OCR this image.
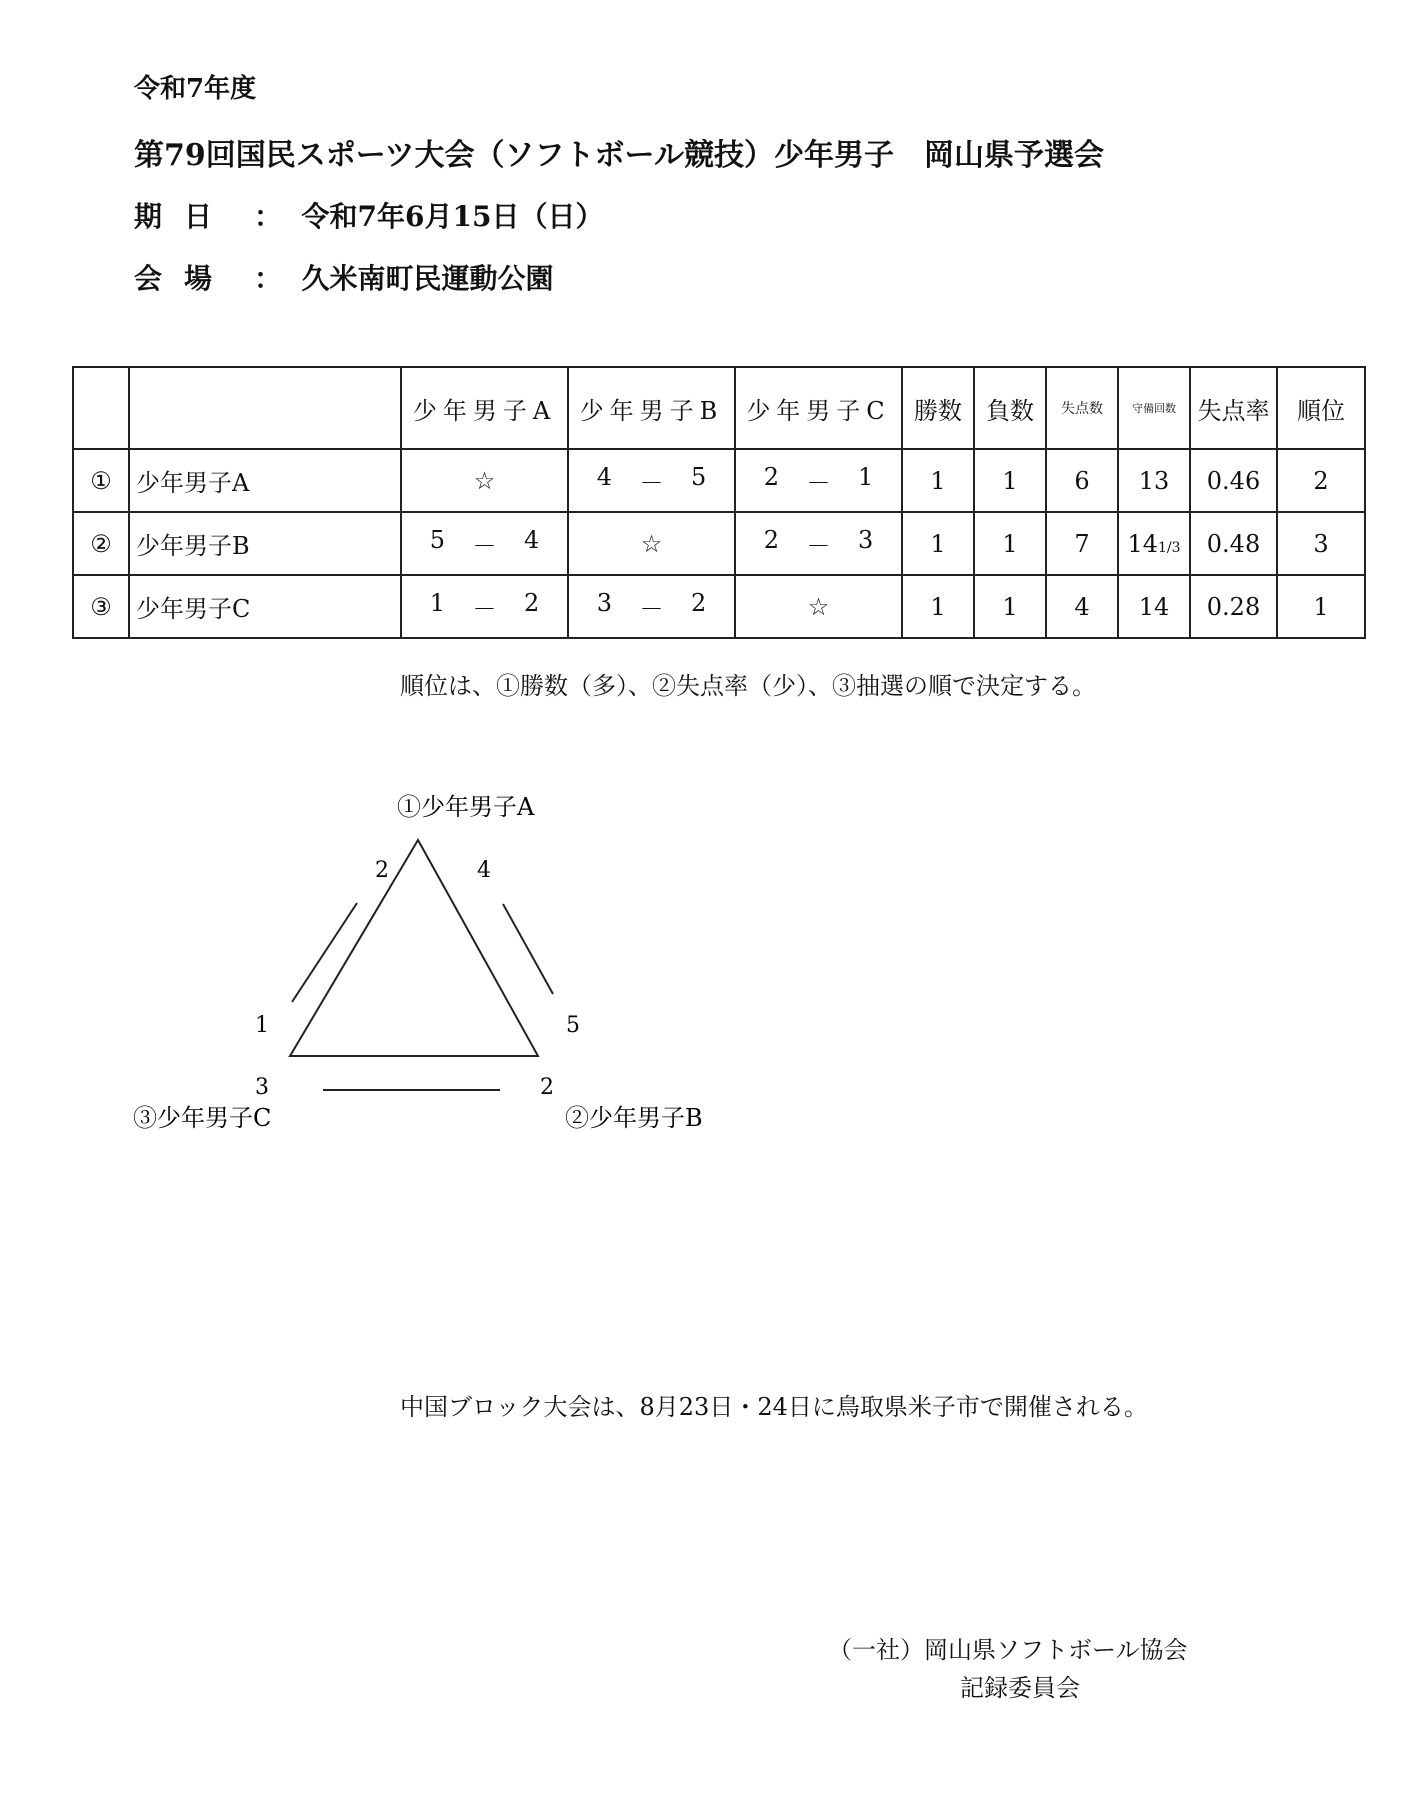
令和7年度
第79回国民スポーツ大会（ソフトボール競技）少年男子　岡山県予選会
期 日 ： 令和7年6月15日（日）
会 場 ： 久米南町民運動公園
		少年男子A	少年男子B	少年男子C	勝数	負数	失点数	守備回数	失点率	順位
①	少年男子A	☆	4 － 5	2 － 1	1	1	6	13	0.46	2
②	少年男子B	5 － 4	☆	2 － 3	1	1	7	141/3	0.48	3
③	少年男子C	1 － 2	3 － 2	☆	1	1	4	14	0.28	1
順位は、①勝数（多）、②失点率（少）、③抽選の順で決定する。
①少年男子A
③少年男子C	②少年男子B
2
1
4
5
3	2
中国ブロック大会は、8月23日・24日に鳥取県米子市で開催される。
（一社）岡山県ソフトボール協会
記録委員会
